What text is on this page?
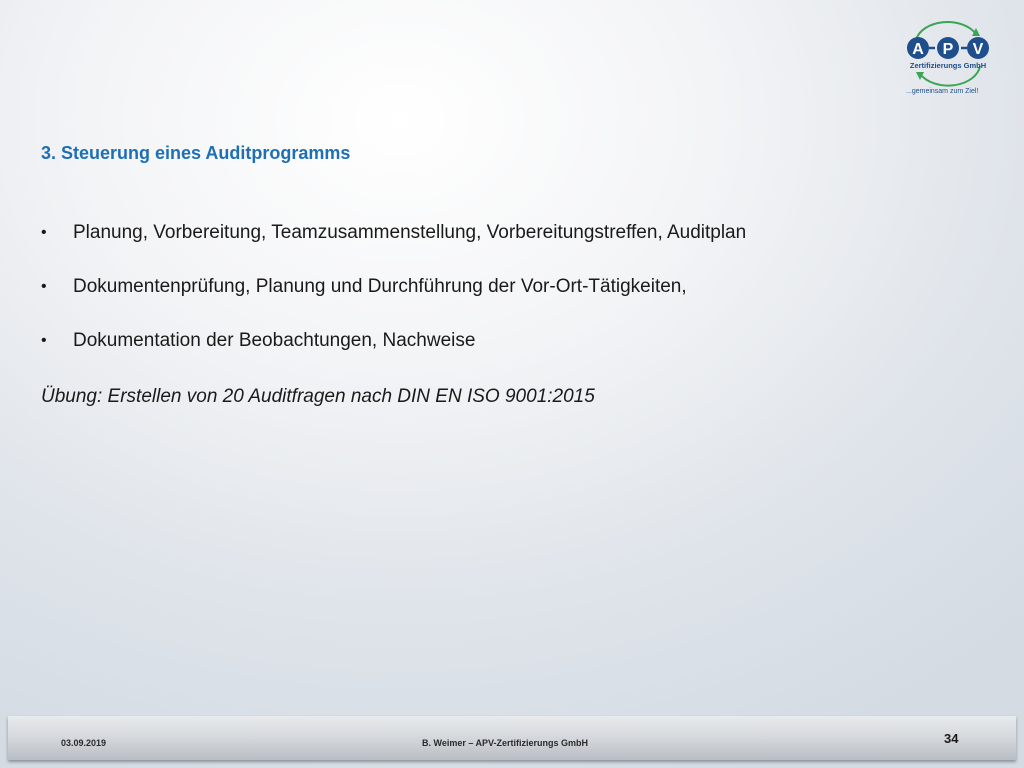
A P V
Zertifizierungs GmbH
...gemeinsam zum Ziel!
3. Steuerung eines Auditprogramms
• Planung, Vorbereitung, Teamzusammenstellung, Vorbereitungstreffen, Auditplan
• Dokumentenprüfung, Planung und Durchführung der Vor-Ort-Tätigkeiten,
• Dokumentation der Beobachtungen, Nachweise
Übung: Erstellen von 20 Auditfragen nach DIN EN ISO 9001:2015
03.09.2019	B. Weimer – APV-Zertifizierungs GmbH	34
